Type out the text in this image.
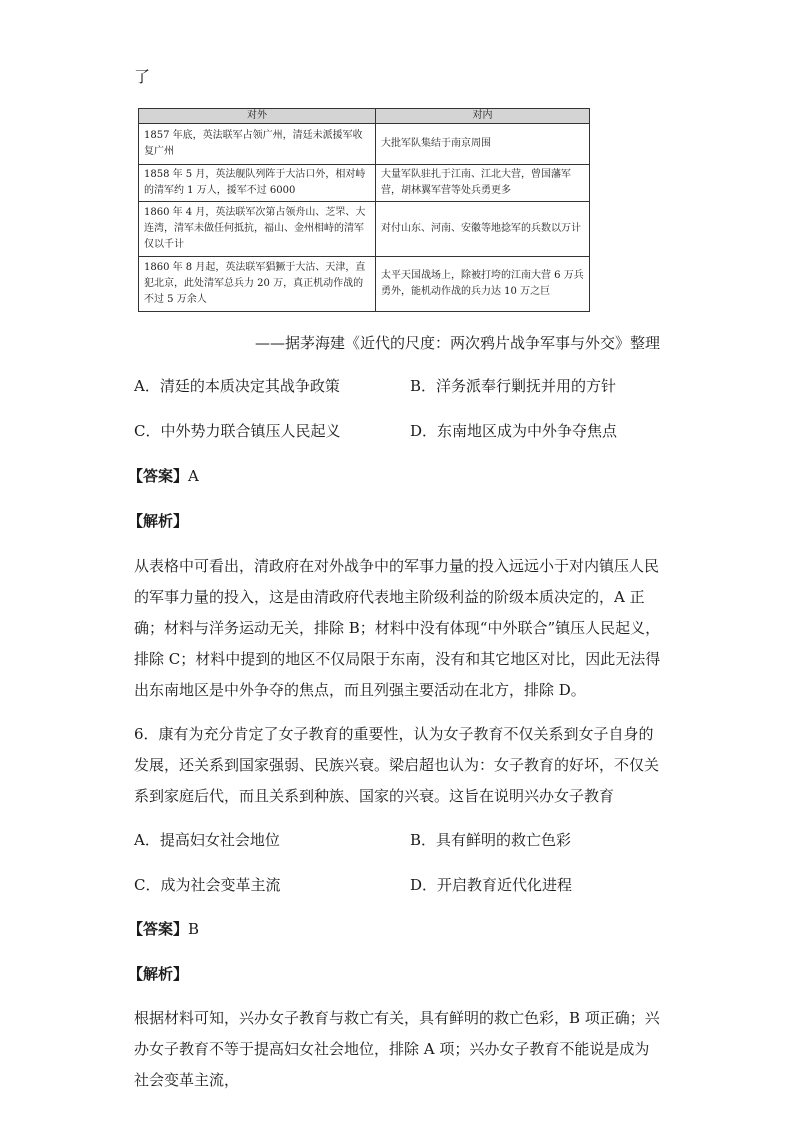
了
对外	对内
1857 年底，英法联军占领广州，清廷未派援军收复广州	大批军队集结于南京周围
1858 年 5 月，英法舰队列阵于大沽口外，相对峙的清军约 1 万人，援军不过 6000	大量军队驻扎于江南、江北大营，曾国藩军营，胡林翼军营等处兵勇更多
1860 年 4 月，英法联军次第占领舟山、芝罘、大连湾，清军未做任何抵抗，福山、金州相峙的清军仅以千计	对付山东、河南、安徽等地捻军的兵数以万计
1860 年 8 月起，英法联军猖獗于大沽、天津，直犯北京，此处清军总兵力 20 万，真正机动作战的不过 5 万余人	太平天国战场上，除被打垮的江南大营 6 万兵勇外，能机动作战的兵力达 10 万之巨
——据茅海建《近代的尺度：两次鸦片战争军事与外交》整理
A．清廷的本质决定其战争政策	B．洋务派奉行剿抚并用的方针
C．中外势力联合镇压人民起义	D．东南地区成为中外争夺焦点
【答案】A
【解析】

从表格中可看出，清政府在对外战争中的军事力量的投入远远小于对内镇压人民的军事力量的投入，这是由清政府代表地主阶级利益的阶级本质决定的，A 正确；材料与洋务运动无关，排除 B；材料中没有体现“中外联合”镇压人民起义，排除 C；材料中提到的地区不仅局限于东南，没有和其它地区对比，因此无法得出东南地区是中外争夺的焦点，而且列强主要活动在北方，排除 D。

6．康有为充分肯定了女子教育的重要性，认为女子教育不仅关系到女子自身的发展，还关系到国家强弱、民族兴衰。梁启超也认为：女子教育的好坏，不仅关系到家庭后代，而且关系到种族、国家的兴衰。这旨在说明兴办女子教育

A．提高妇女社会地位	B．具有鲜明的救亡色彩
C．成为社会变革主流	D．开启教育近代化进程
【答案】B
【解析】

根据材料可知，兴办女子教育与救亡有关，具有鲜明的救亡色彩，B 项正确；兴办女子教育不等于提高妇女社会地位，排除 A 项；兴办女子教育不能说是成为社会变革主流，
